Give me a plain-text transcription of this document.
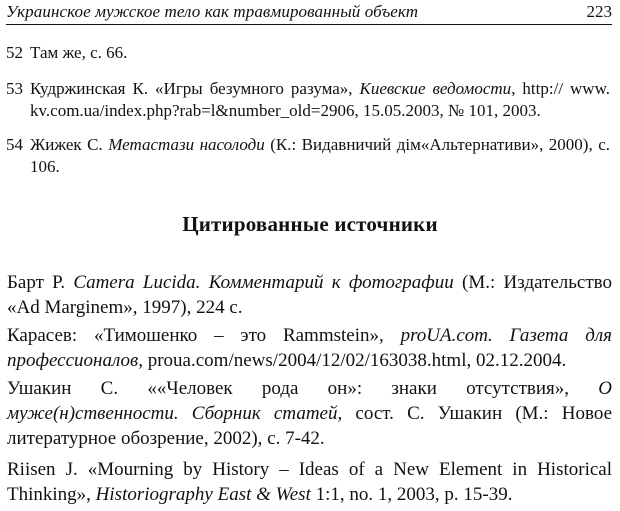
Украинское мужское тело как травмированный объект	223
52 Там же, с. 66.
53 Кудржинская К. «Игры безумного разума», Киевские ведомости, http:// www. kv.com.ua/index.php?rab=l&number_old=2906, 15.05.2003, № 101, 2003.
54 Жижек С. Метастази насолоди (К.: Видавничий дім«Альтернативи», 2000), с. 106.
Цитированные источники
Барт Р. Camera Lucida. Комментарий к фотографии (М.: Издательство «Ad Marginem», 1997), 224 с.
Карасев: «Тимошенко – это Rammstein», proUA.com. Газета для профессионалов, proua.com/news/2004/12/02/163038.html, 02.12.2004.
Ушакин С. ««Человек рода он»: знаки отсутствия», О муже(н)ственности. Сборник статей, сост. С. Ушакин (М.: Новое литературное обозрение, 2002), с. 7-42.
Riisen J. «Mourning by History – Ideas of a New Element in Historical Thinking», Historiography East & West 1:1, no. 1, 2003, p. 15-39.
